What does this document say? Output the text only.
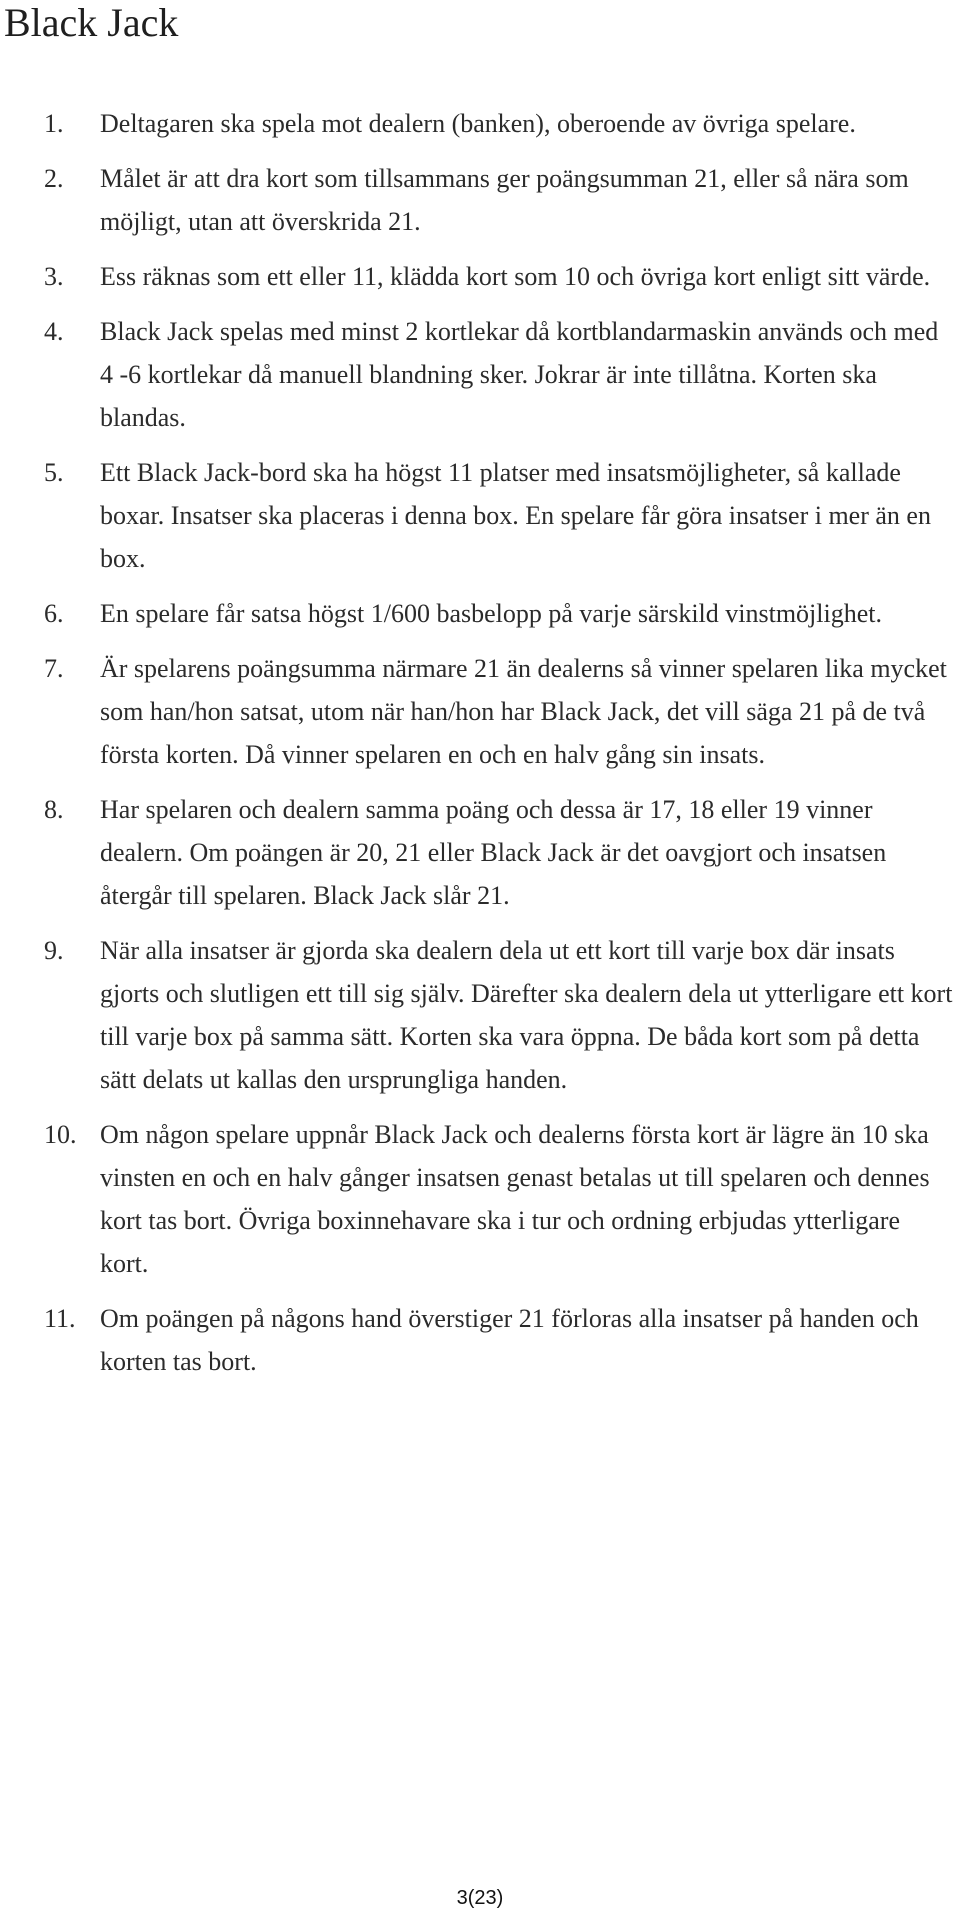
Black Jack
1.	Deltagaren ska spela mot dealern (banken), oberoende av övriga spelare.
2.	Målet är att dra kort som tillsammans ger poängsumman 21, eller så nära som möjligt, utan att överskrida 21.
3.	Ess räknas som ett eller 11, klädda kort som 10 och övriga kort enligt sitt värde.
4.	Black Jack spelas med minst 2 kortlekar då kortblandarmaskin används och med 4 -6 kortlekar då manuell blandning sker. Jokrar är inte tillåtna. Korten ska blandas.
5.	Ett Black Jack-bord ska ha högst 11 platser med insatsmöjligheter, så kallade boxar. Insatser ska placeras i denna box. En spelare får göra insatser i mer än en box.
6.	En spelare får satsa högst 1/600 basbelopp på varje särskild vinstmöjlighet.
7.	Är spelarens poängsumma närmare 21 än dealerns så vinner spelaren lika mycket som han/hon satsat, utom när han/hon har Black Jack, det vill säga 21 på de två första korten. Då vinner spelaren en och en halv gång sin insats.
8.	Har spelaren och dealern samma poäng och dessa är 17, 18 eller 19 vinner dealern. Om poängen är 20, 21 eller Black Jack är det oavgjort och insatsen återgår till spelaren. Black Jack slår 21.
9.	När alla insatser är gjorda ska dealern dela ut ett kort till varje box där insats gjorts och slutligen ett till sig själv. Därefter ska dealern dela ut ytterligare ett kort till varje box på samma sätt. Korten ska vara öppna. De båda kort som på detta sätt delats ut kallas den ursprungliga handen.
10. Om någon spelare uppnår Black Jack och dealerns första kort är lägre än 10 ska vinsten en och en halv gånger insatsen genast betalas ut till spelaren och dennes kort tas bort. Övriga boxinnehavare ska i tur och ordning erbjudas ytterligare kort.
11. Om poängen på någons hand överstiger 21 förloras alla insatser på handen och korten tas bort.
3(23)
